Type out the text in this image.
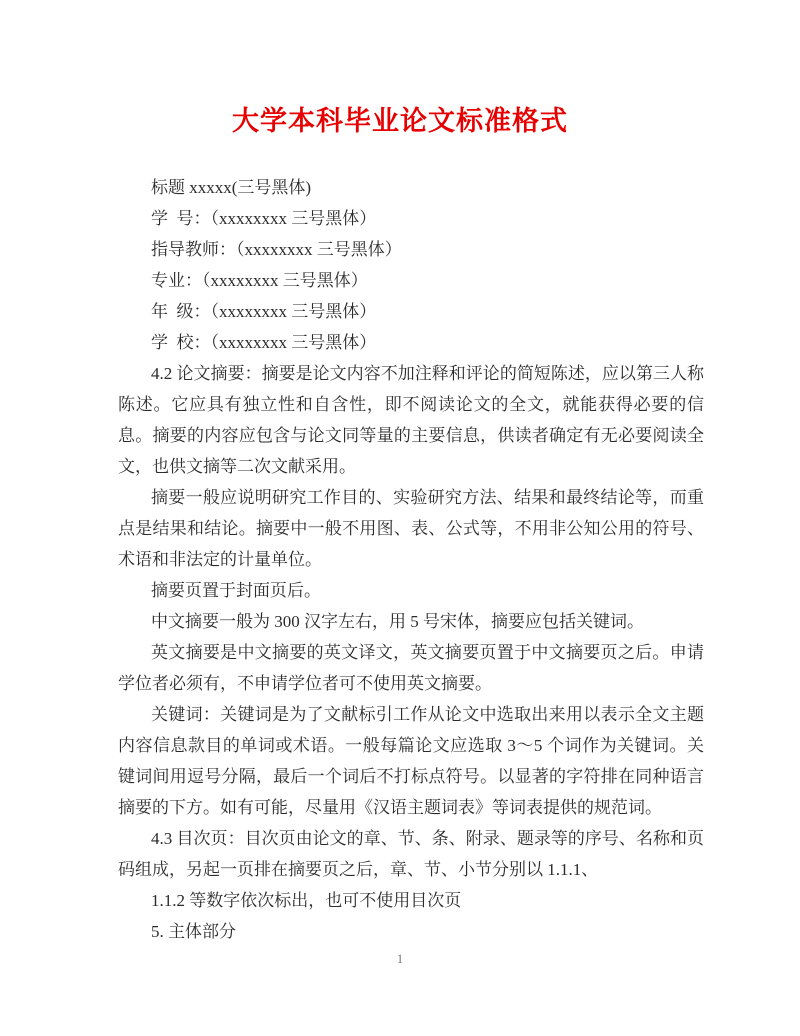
大学本科毕业论文标准格式

标题 xxxxx(三号黑体)

学  号：（xxxxxxxx 三号黑体）

指导教师：（xxxxxxxx 三号黑体）

专业：（xxxxxxxx 三号黑体）

年  级：（xxxxxxxx 三号黑体）

学  校：（xxxxxxxx 三号黑体）

4.2 论文摘要：摘要是论文内容不加注释和评论的简短陈述，应以第三人称陈述。它应具有独立性和自含性，即不阅读论文的全文，就能获得必要的信息。摘要的内容应包含与论文同等量的主要信息，供读者确定有无必要阅读全文，也供文摘等二次文献采用。

摘要一般应说明研究工作目的、实验研究方法、结果和最终结论等，而重点是结果和结论。摘要中一般不用图、表、公式等，不用非公知公用的符号、术语和非法定的计量单位。

摘要页置于封面页后。

中文摘要一般为 300 汉字左右，用 5 号宋体，摘要应包括关键词。

英文摘要是中文摘要的英文译文，英文摘要页置于中文摘要页之后。申请学位者必须有，不申请学位者可不使用英文摘要。

关键词：关键词是为了文献标引工作从论文中选取出来用以表示全文主题内容信息款目的单词或术语。一般每篇论文应选取 3～5 个词作为关键词。关键词间用逗号分隔，最后一个词后不打标点符号。以显著的字符排在同种语言摘要的下方。如有可能，尽量用《汉语主题词表》等词表提供的规范词。

4.3 目次页：目次页由论文的章、节、条、附录、题录等的序号、名称和页码组成，另起一页排在摘要页之后，章、节、小节分别以 1.1.1、

1.1.2 等数字依次标出，也可不使用目次页

5. 主体部分

1
